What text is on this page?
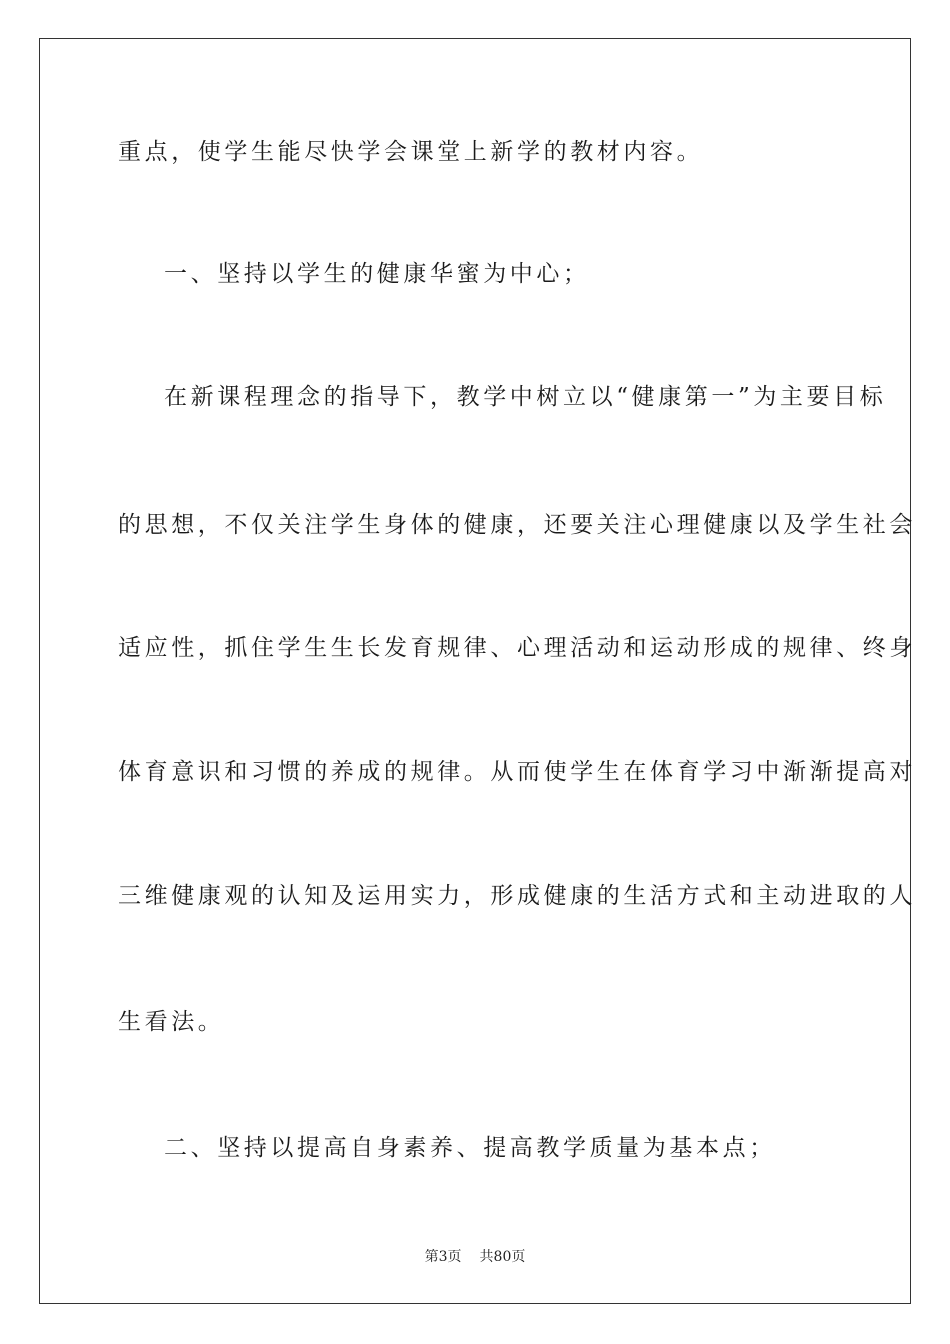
重点，使学生能尽快学会课堂上新学的教材内容。
一、坚持以学生的健康华蜜为中心；
在新课程理念的指导下，教学中树立以“健康第一”为主要目标
的思想，不仅关注学生身体的健康，还要关注心理健康以及学生社会
适应性，抓住学生生长发育规律、心理活动和运动形成的规律、终身
体育意识和习惯的养成的规律。从而使学生在体育学习中渐渐提高对
三维健康观的认知及运用实力，形成健康的生活方式和主动进取的人
生看法。
二、坚持以提高自身素养、提高教学质量为基本点；
第3页 共80页
